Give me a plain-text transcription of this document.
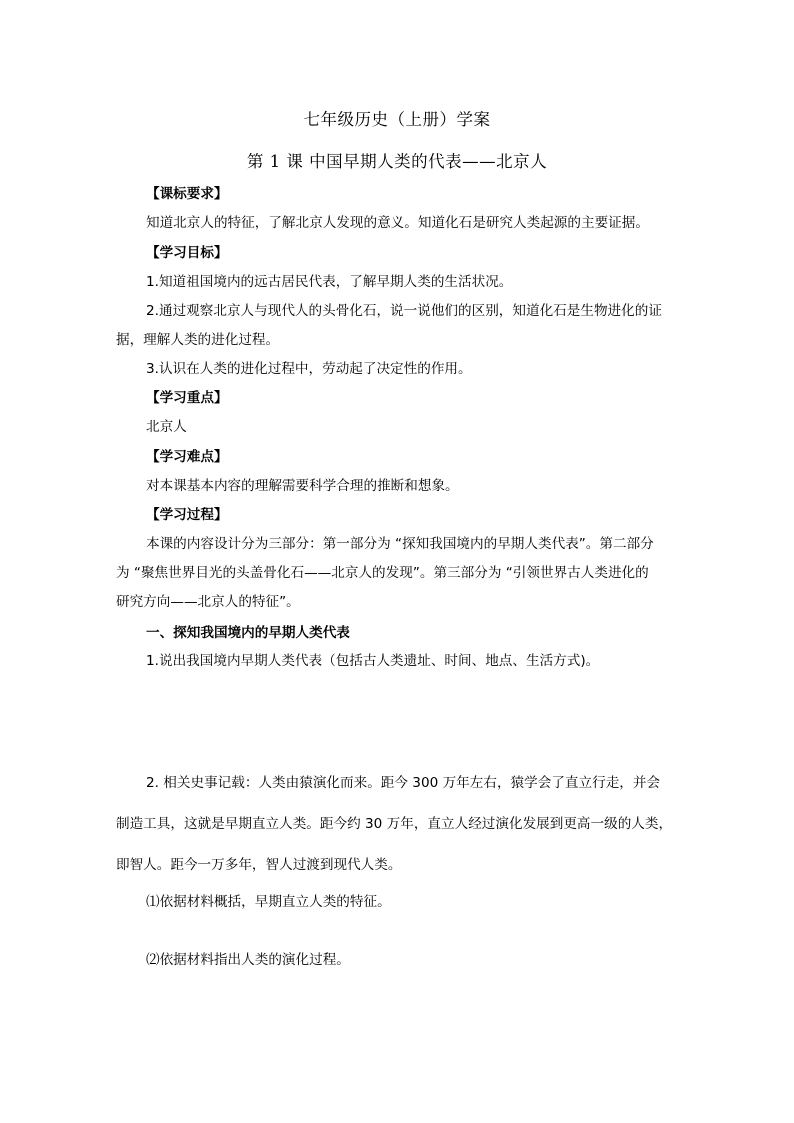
七年级历史（上册）学案
第 1 课 中国早期人类的代表——北京人
【课标要求】
知道北京人的特征，了解北京人发现的意义。知道化石是研究人类起源的主要证据。
【学习目标】
1.知道祖国境内的远古居民代表，了解早期人类的生活状况。
2.通过观察北京人与现代人的头骨化石，说一说他们的区别，知道化石是生物进化的证
据，理解人类的进化过程。
3.认识在人类的进化过程中，劳动起了决定性的作用。
【学习重点】
北京人
【学习难点】
对本课基本内容的理解需要科学合理的推断和想象。
【学习过程】
本课的内容设计分为三部分：第一部分为 “探知我国境内的早期人类代表”。第二部分
为 “聚焦世界目光的头盖骨化石——北京人的发现”。第三部分为 “引领世界古人类进化的
研究方向——北京人的特征”。
一、探知我国境内的早期人类代表
1.说出我国境内早期人类代表（包括古人类遗址、时间、地点、生活方式)。
2. 相关史事记载：人类由猿演化而来。距今 300 万年左右，猿学会了直立行走，并会
制造工具，这就是早期直立人类。距今约 30 万年，直立人经过演化发展到更高一级的人类，
即智人。距今一万多年，智人过渡到现代人类。
⑴依据材料概括，早期直立人类的特征。
⑵依据材料指出人类的演化过程。
